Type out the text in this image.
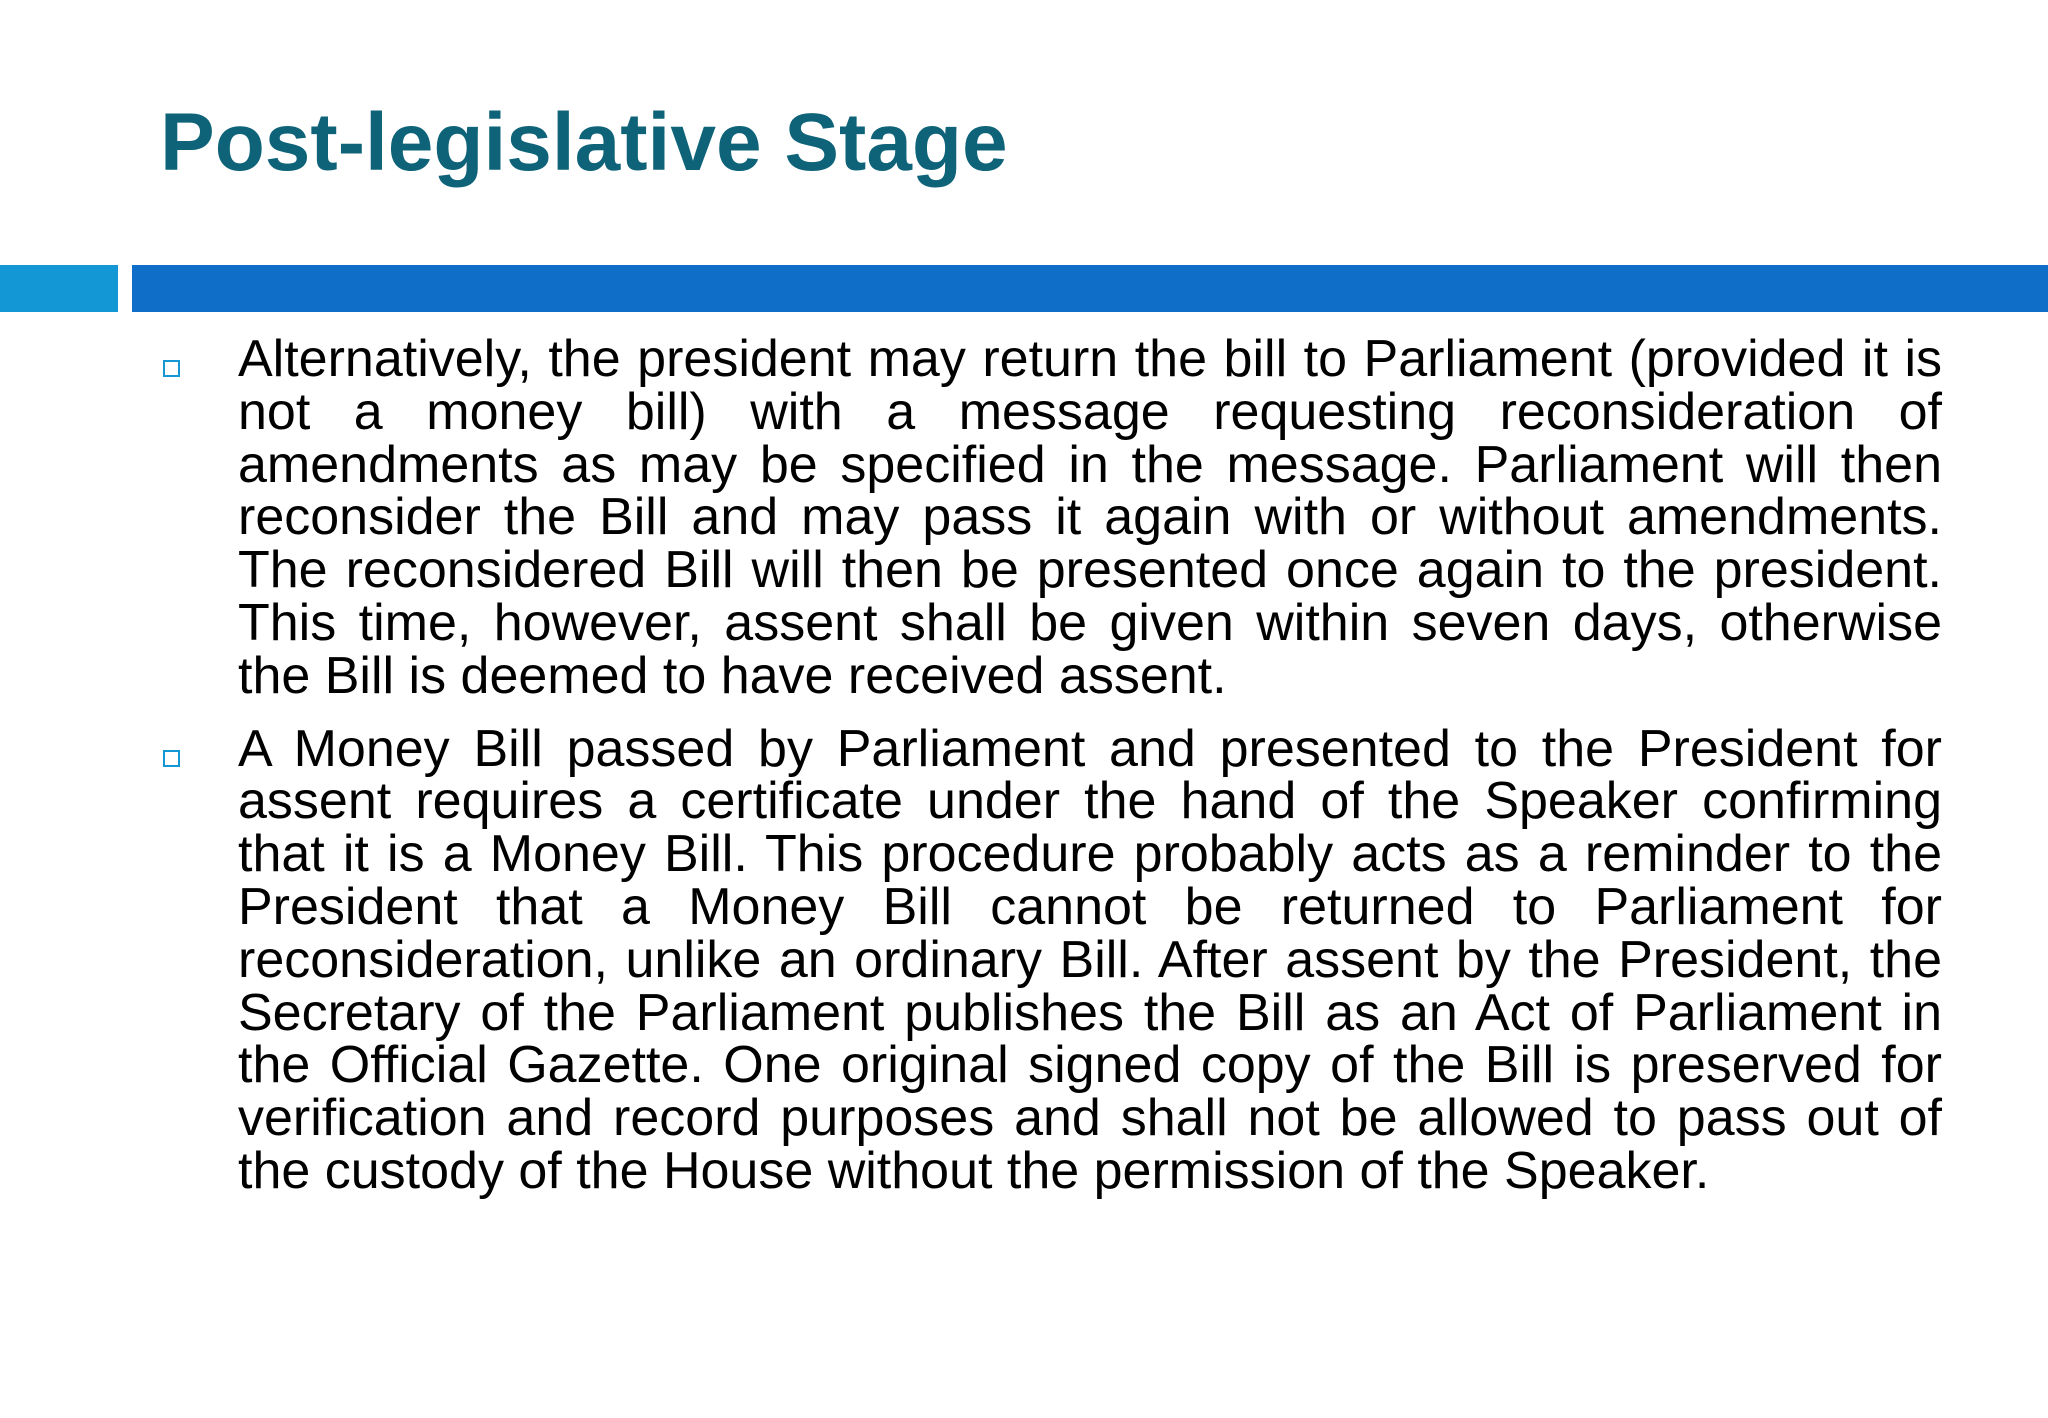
Post-legislative Stage
Alternatively, the president may return the bill to Parliament (provided it is not a money bill) with a message requesting reconsideration of amendments as may be specified in the message. Parliament will then reconsider the Bill and may pass it again with or without amendments. The reconsidered Bill will then be presented once again to the president. This time, however, assent shall be given within seven days, otherwise the Bill is deemed to have received assent.
A Money Bill passed by Parliament and presented to the President for assent requires a certificate under the hand of the Speaker confirming that it is a Money Bill. This procedure probably acts as a reminder to the President that a Money Bill cannot be returned to Parliament for reconsideration, unlike an ordinary Bill. After assent by the President, the Secretary of the Parliament publishes the Bill as an Act of Parliament in the Official Gazette. One original signed copy of the Bill is preserved for verification and record purposes and shall not be allowed to pass out of the custody of the House without the permission of the Speaker.
